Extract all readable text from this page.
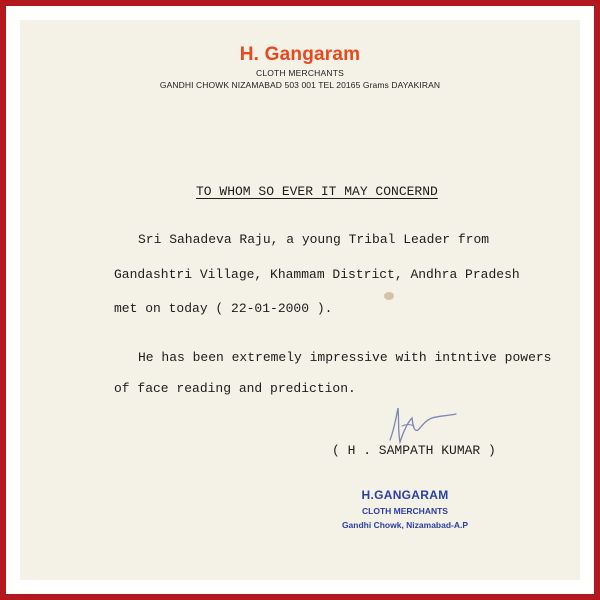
H. Gangaram
CLOTH MERCHANTS
GANDHI CHOWK NIZAMABAD 503 001 TEL 20165 Grams DAYAKIRAN
TO WHOM SO EVER IT MAY CONCERND
Sri Sahadeva Raju, a young Tribal Leader from
Gandashtri Village, Khammam District, Andhra Pradesh
met on today ( 22-01-2000 ).
He has been extremely impressive with intntive powers
of face reading and prediction.
( H . SAMPATH KUMAR )
H.GANGARAM
CLOTH MERCHANTS
Gandhi Chowk, Nizamabad-A.P
